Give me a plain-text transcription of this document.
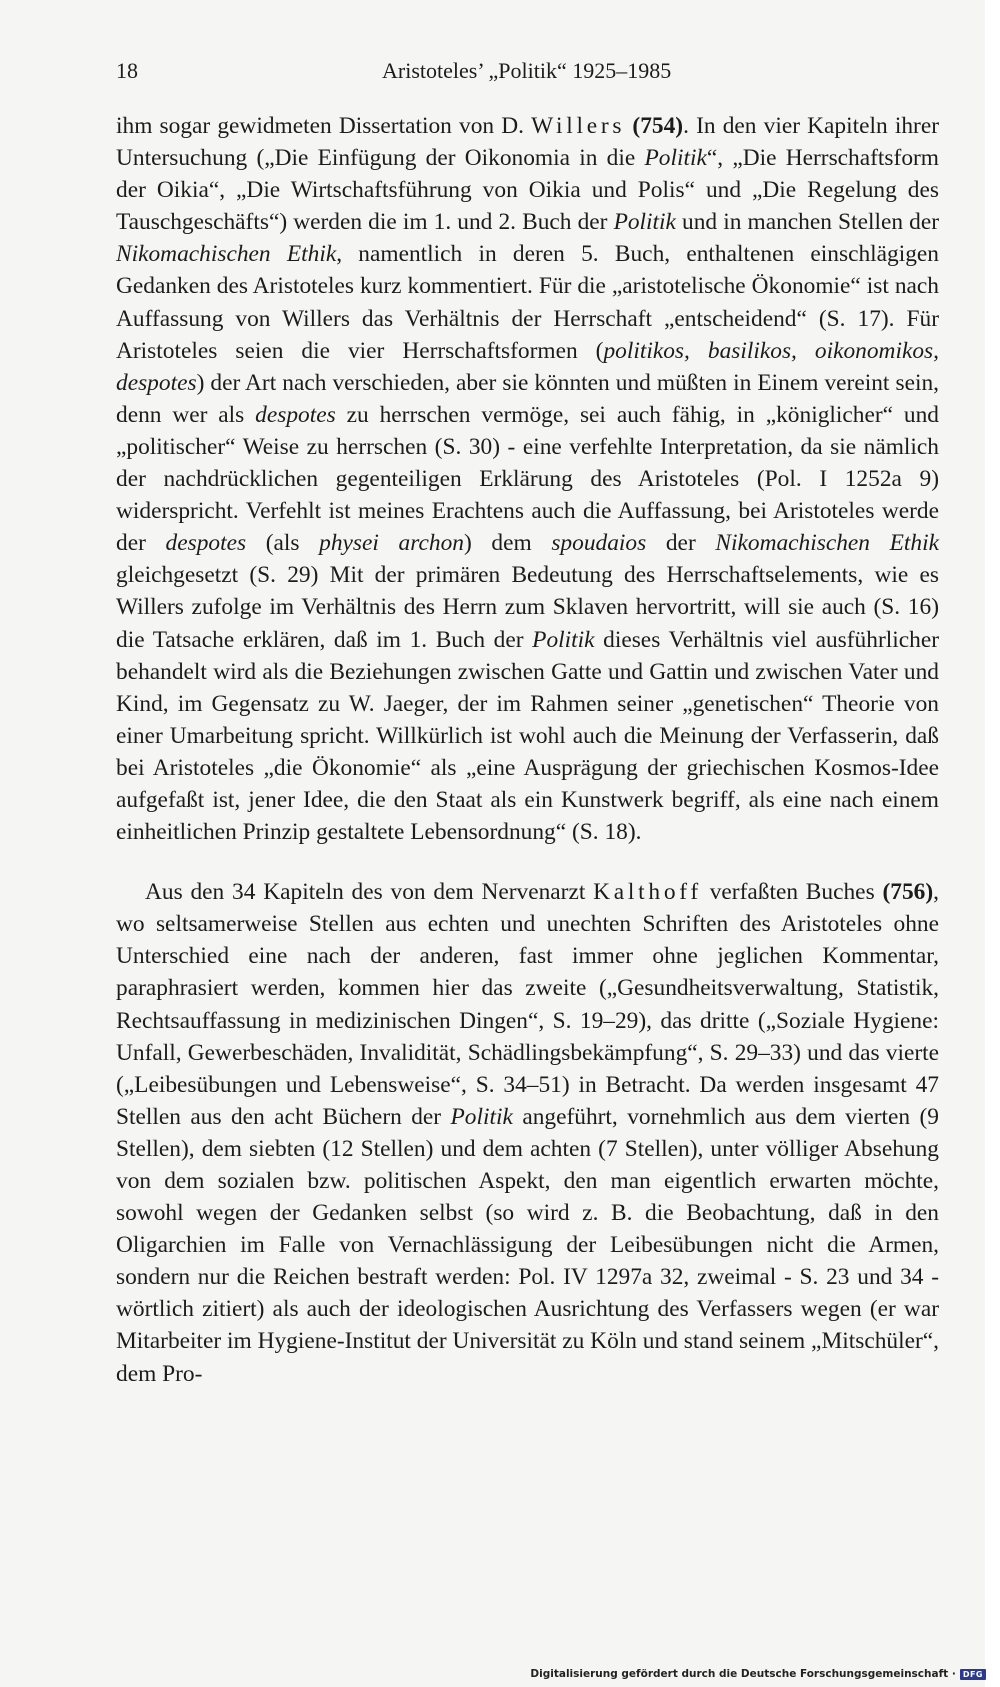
18	Aristoteles’ „Politik“ 1925–1985

ihm sogar gewidmeten Dissertation von D. Willers (754). In den vier Kapiteln ihrer Untersuchung („Die Einfügung der Oikonomia in die Politik“, „Die Herrschaftsform der Oikia“, „Die Wirtschaftsführung von Oikia und Polis“ und „Die Regelung des Tauschgeschäfts“) werden die im 1. und 2. Buch der Politik und in manchen Stellen der Nikomachischen Ethik, namentlich in deren 5. Buch, enthaltenen einschlägigen Gedanken des Aristoteles kurz kommentiert. Für die „aristotelische Ökonomie“ ist nach Auffassung von Willers das Verhältnis der Herrschaft „entscheidend“ (S. 17). Für Aristoteles seien die vier Herrschaftsformen (politikos, basilikos, oikonomikos, despotes) der Art nach verschieden, aber sie könnten und müßten in Einem vereint sein, denn wer als despotes zu herrschen vermöge, sei auch fähig, in „königlicher“ und „politischer“ Weise zu herrschen (S. 30) - eine verfehlte Interpretation, da sie nämlich der nachdrücklichen gegenteiligen Erklärung des Aristoteles (Pol. I 1252a 9) widerspricht. Verfehlt ist meines Erachtens auch die Auffassung, bei Aristoteles werde der despotes (als physei archon) dem spoudaios der Nikomachischen Ethik gleichgesetzt (S. 29) Mit der primären Bedeutung des Herrschaftselements, wie es Willers zufolge im Verhältnis des Herrn zum Sklaven hervortritt, will sie auch (S. 16) die Tatsache erklären, daß im 1. Buch der Politik dieses Verhältnis viel ausführlicher behandelt wird als die Beziehungen zwischen Gatte und Gattin und zwischen Vater und Kind, im Gegensatz zu W. Jaeger, der im Rahmen seiner „genetischen“ Theorie von einer Umarbeitung spricht. Willkürlich ist wohl auch die Meinung der Verfasserin, daß bei Aristoteles „die Ökonomie“ als „eine Ausprägung der griechischen Kosmos-Idee aufgefaßt ist, jener Idee, die den Staat als ein Kunstwerk begriff, als eine nach einem einheitlichen Prinzip gestaltete Lebensordnung“ (S. 18).

Aus den 34 Kapiteln des von dem Nervenarzt Kalthoff verfaßten Buches (756), wo seltsamerweise Stellen aus echten und unechten Schriften des Aristoteles ohne Unterschied eine nach der anderen, fast immer ohne jeglichen Kommentar, paraphrasiert werden, kommen hier das zweite („Gesundheitsverwaltung, Statistik, Rechtsauffassung in medizinischen Dingen“, S. 19–29), das dritte („Soziale Hygiene: Unfall, Gewerbeschäden, Invalidität, Schädlingsbekämpfung“, S. 29–33) und das vierte („Leibesübungen und Lebensweise“, S. 34–51) in Betracht. Da werden insgesamt 47 Stellen aus den acht Büchern der Politik angeführt, vornehmlich aus dem vierten (9 Stellen), dem siebten (12 Stellen) und dem achten (7 Stellen), unter völliger Absehung von dem sozialen bzw. politischen Aspekt, den man eigentlich erwarten möchte, sowohl wegen der Gedanken selbst (so wird z. B. die Beobachtung, daß in den Oligarchien im Falle von Vernachlässigung der Leibesübungen nicht die Armen, sondern nur die Reichen bestraft werden: Pol. IV 1297a 32, zweimal - S. 23 und 34 - wörtlich zitiert) als auch der ideologischen Ausrichtung des Verfassers wegen (er war Mitarbeiter im Hygiene-Institut der Universität zu Köln und stand seinem „Mitschüler“, dem Pro-

Digitalisierung gefördert durch die Deutsche Forschungsgemeinschaft · DFG
